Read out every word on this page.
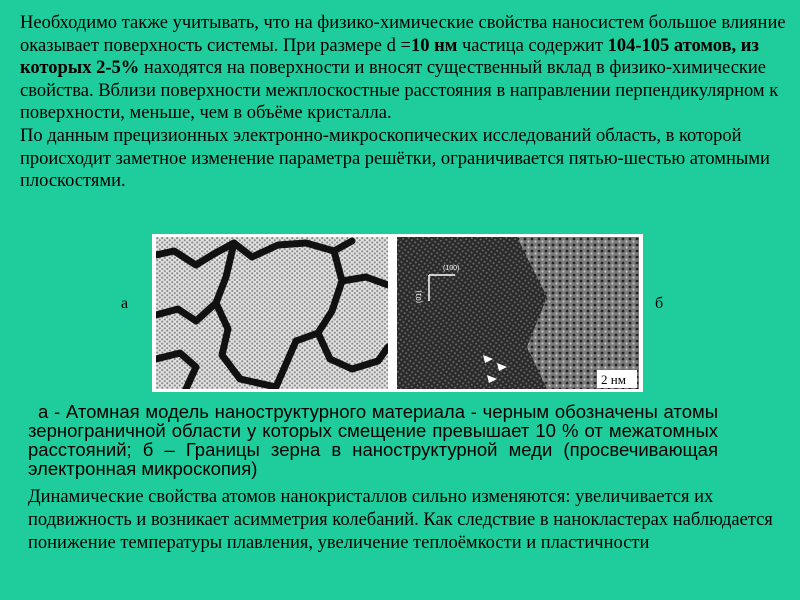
Необходимо также учитывать, что на физико-химические свойства наносистем большое влияние оказывает поверхность системы. При размере d =10 нм частица содержит 104-105 атомов, из которых 2-5% находятся на поверхности и вносят существенный вклад в физико-химические свойства. Вблизи поверхности межплоскостные расстояния в направлении перпендикулярном к поверхности, меньше, чем в объёме кристалла.
По данным прецизионных электронно-микроскопических исследований область, в которой происходит заметное изменение параметра решётки, ограничивается пятью-шестью атомными плоскостями.
(100)
(01)
2 нм
а	б
а - Атомная модель наноструктурного материала - черным обозначены атомы зернограничной области у которых смещение превышает 10 % от межатомных расстояний; б – Границы зерна в наноструктурной меди (просвечивающая электронная микроскопия)
Динамические свойства атомов нанокристаллов сильно изменяются: увеличивается их подвижность и возникает асимметрия колебаний. Как следствие в нанокластерах наблюдается понижение температуры плавления, увеличение теплоёмкости и пластичности
